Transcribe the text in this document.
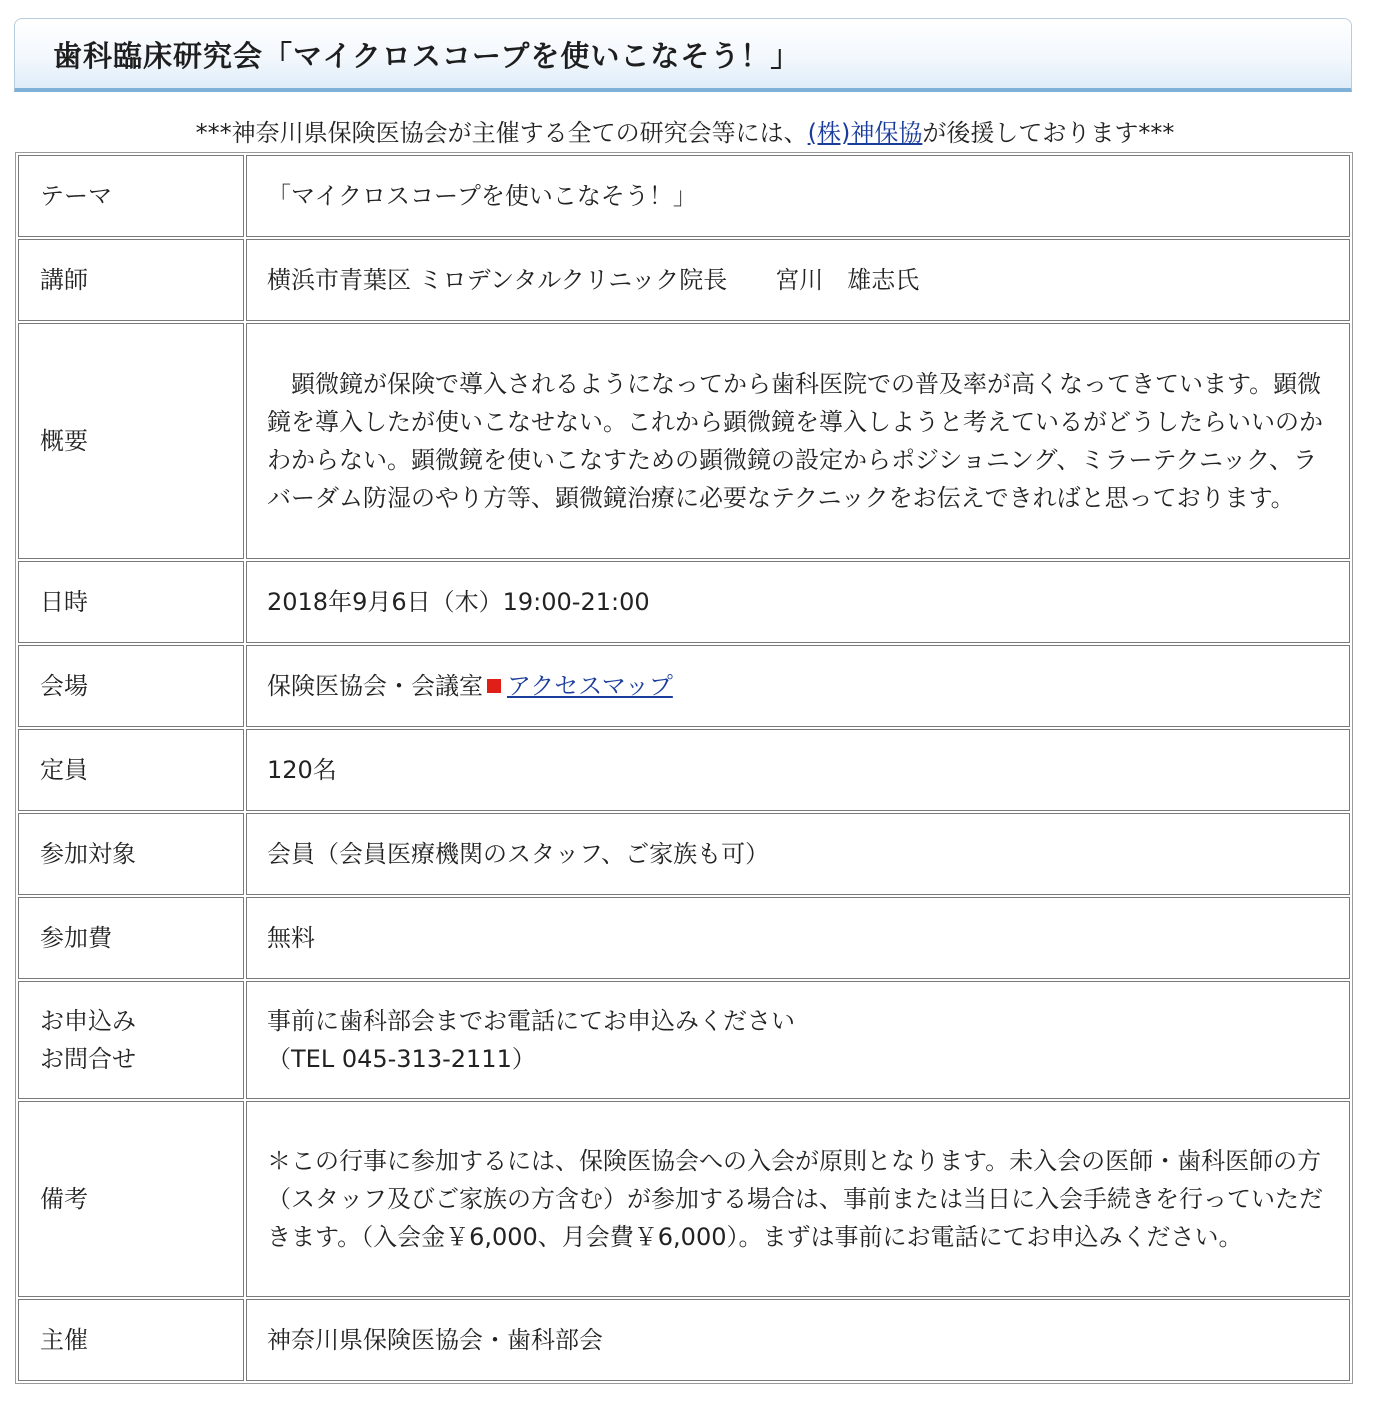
歯科臨床研究会「マイクロスコープを使いこなそう！」
***神奈川県保険医協会が主催する全ての研究会等には、(株)神保協が後援しております***
テーマ	「マイクロスコープを使いこなそう！」
講師	横浜市青葉区 ミロデンタルクリニック院長　　宮川　雄志氏
概要	　顕微鏡が保険で導入されるようになってから歯科医院での普及率が高くなってきています。顕微鏡を導入したが使いこなせない。これから顕微鏡を導入しようと考えているがどうしたらいいのかわからない。顕微鏡を使いこなすための顕微鏡の設定からポジショニング、ミラーテクニック、ラバーダム防湿のやり方等、顕微鏡治療に必要なテクニックをお伝えできればと思っております。
日時	2018年9月6日（木）19:00-21:00
会場	保険医協会・会議室 アクセスマップ
定員	120名
参加対象	会員（会員医療機関のスタッフ、ご家族も可）
参加費	無料

お申込み
お問合せ	事前に歯科部会までお電話にてお申込みください
（TEL 045-313-2111）

備考	＊この行事に参加するには、保険医協会への入会が原則となります。未入会の医師・歯科医師の方（スタッフ及びご家族の方含む）が参加する場合は、事前または当日に入会手続きを行っていただきます。（入会金￥6,000、月会費￥6,000）。まずは事前にお電話にてお申込みください。
主催	神奈川県保険医協会・歯科部会
